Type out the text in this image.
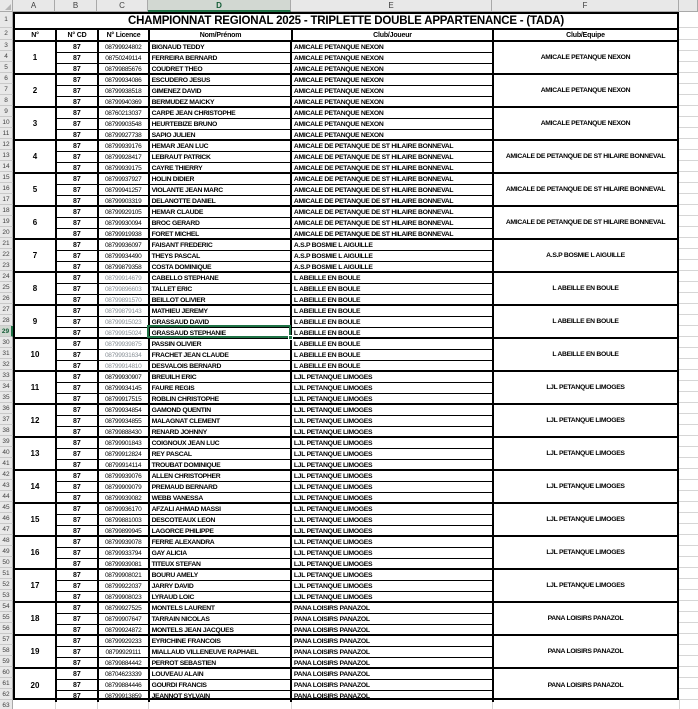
A	B	C	D	E	F
1
2
3
4
5
6
7
8
9
10
11
12
13
14
15
16
17
18
19
20
21
22
23
24
25
26
27
28
29
30
31
32
33
34
35
36
37
38
39
40
41
42
43
44
45
46
47
48
49
50
51
52
53
54
55
56
57
58
59
60
61
62
63
CHAMPIONNAT REGIONAL 2025 - TRIPLETTE DOUBLE APPARTENANCE - (TADA)
N°	N° CD	N° Licence	Nom/Prénom	Club/Joueur	Club/Equipe
1
87	08799924802	BIGNAUD TEDDY	AMICALE PETANQUE NEXON
87	08750249114	FERREIRA BERNARD	AMICALE PETANQUE NEXON
87	08799885676	COUDRET THEO	AMICALE PETANQUE NEXON
AMICALE PETANQUE NEXON
2
87	08799934086	ESCUDERO JESUS	AMICALE PETANQUE NEXON
87	08799938518	GIMENEZ DAVID	AMICALE PETANQUE NEXON
87	08799940369	BERMUDEZ MAICKY	AMICALE PETANQUE NEXON
AMICALE PETANQUE NEXON
3
87	08760213037	CARPE JEAN CHRISTOPHE	AMICALE PETANQUE NEXON
87	08799903548	HEURTEBIZE BRUNO	AMICALE PETANQUE NEXON
87	08799927738	SAPIO JULIEN	AMICALE PETANQUE NEXON
AMICALE PETANQUE NEXON
4
87	08799939176	HEMAR JEAN LUC	AMICALE DE PETANQUE DE ST HILAIRE BONNEVAL
87	08799928417	LEBRAUT PATRICK	AMICALE DE PETANQUE DE ST HILAIRE BONNEVAL
87	08799939175	CAYRE THIERRY	AMICALE DE PETANQUE DE ST HILAIRE BONNEVAL
AMICALE DE PETANQUE DE ST HILAIRE BONNEVAL
5
87	08799937927	HOLIN DIDIER	AMICALE DE PETANQUE DE ST HILAIRE BONNEVAL
87	08799941257	VIOLANTE JEAN MARC	AMICALE DE PETANQUE DE ST HILAIRE BONNEVAL
87	08799903319	DELANOTTE DANIEL	AMICALE DE PETANQUE DE ST HILAIRE BONNEVAL
AMICALE DE PETANQUE DE ST HILAIRE BONNEVAL
6
87	08799929105	HEMAR CLAUDE	AMICALE DE PETANQUE DE ST HILAIRE BONNEVAL
87	08799930094	BROC GERARD	AMICALE DE PETANQUE DE ST HILAIRE BONNEVAL
87	08799919938	FORET MICHEL	AMICALE DE PETANQUE DE ST HILAIRE BONNEVAL
AMICALE DE PETANQUE DE ST HILAIRE BONNEVAL
7
87	08799936097	FAISANT FREDERIC	A.S.P BOSMIE L AIGUILLE
87	08799934490	THEYS PASCAL	A.S.P BOSMIE L AIGUILLE
87	08799879358	COSTA DOMINIQUE	A.S.P BOSMIE L AIGUILLE
A.S.P BOSMIE L AIGUILLE
8
87	08799914679	CABELLO STEPHANE	L ABEILLE EN BOULE
87	08799896603	TALLET ERIC	L ABEILLE EN BOULE
87	08799891570	BEILLOT OLIVIER	L ABEILLE EN BOULE
L ABEILLE EN BOULE
9
87	08799879143	MATHIEU JEREMY	L ABEILLE EN BOULE
87	08799915023	GRASSAUD DAVID	L ABEILLE EN BOULE
87	08799915024	GRASSAUD STEPHANIE	L ABEILLE EN BOULE
L ABEILLE EN BOULE
10
87	08799939875	PASSIN OLIVIER	L ABEILLE EN BOULE
87	08799931634	FRACHET JEAN CLAUDE	L ABEILLE EN BOULE
87	08799914810	DESVALOIS BERNARD	L ABEILLE EN BOULE
L ABEILLE EN BOULE
11
87	08799930907	BREUILH ERIC	LJL PETANQUE LIMOGES
87	08799934145	FAURE REGIS	LJL PETANQUE LIMOGES
87	08799917515	ROBLIN CHRISTOPHE	LJL PETANQUE LIMOGES
LJL PETANQUE LIMOGES
12
87	08799934854	GAMOND QUENTIN	LJL PETANQUE LIMOGES
87	08799934855	MALAGNAT CLEMENT	LJL PETANQUE LIMOGES
87	08799888430	RENARD JOHNNY	LJL PETANQUE LIMOGES
LJL PETANQUE LIMOGES
13
87	08799901843	COIGNOUX JEAN LUC	LJL PETANQUE LIMOGES
87	08799912824	REY PASCAL	LJL PETANQUE LIMOGES
87	08799914114	TROUBAT DOMINIQUE	LJL PETANQUE LIMOGES
LJL PETANQUE LIMOGES
14
87	08799939076	ALLEN CHRISTOPHER	LJL PETANQUE LIMOGES
87	08799909079	PREMAUD BERNARD	LJL PETANQUE LIMOGES
87	08799939082	WEBB VANESSA	LJL PETANQUE LIMOGES
LJL PETANQUE LIMOGES
15
87	08799936170	AFZALI AHMAD MASSI	LJL PETANQUE LIMOGES
87	08799881003	DESCOTEAUX LEON	LJL PETANQUE LIMOGES
87	08799899945	LAGORCE PHILIPPE	LJL PETANQUE LIMOGES
LJL PETANQUE LIMOGES
16
87	08799939078	FERRE ALEXANDRA	LJL PETANQUE LIMOGES
87	08799933794	GAY ALICIA	LJL PETANQUE LIMOGES
87	08799939081	TITEUX STEFAN	LJL PETANQUE LIMOGES
LJL PETANQUE LIMOGES
17
87	08799908021	BOURU AMELY	LJL PETANQUE LIMOGES
87	08799922037	JARRY DAVID	LJL PETANQUE LIMOGES
87	08799908023	LYRAUD LOIC	LJL PETANQUE LIMOGES
LJL PETANQUE LIMOGES
18
87	08799927525	MONTELS LAURENT	PANA LOISIRS PANAZOL
87	08799907647	TARRAIN NICOLAS	PANA LOISIRS PANAZOL
87	08799924872	MONTELS JEAN JACQUES	PANA LOISIRS PANAZOL
PANA LOISIRS PANAZOL
19
87	08799929233	EYRICHINE FRANCOIS	PANA LOISIRS PANAZOL
87	08799929111	MIALLAUD VILLENEUVE RAPHAEL	PANA LOISIRS PANAZOL
87	08799884442	PERROT SEBASTIEN	PANA LOISIRS PANAZOL
PANA LOISIRS PANAZOL
20
87	08704623339	LOUVEAU ALAIN	PANA LOISIRS PANAZOL
87	08799884446	GOURDI FRANCIS	PANA LOISIRS PANAZOL
87	08799913859	JEANNOT SYLVAIN	PANA LOISIRS PANAZOL
PANA LOISIRS PANAZOL
